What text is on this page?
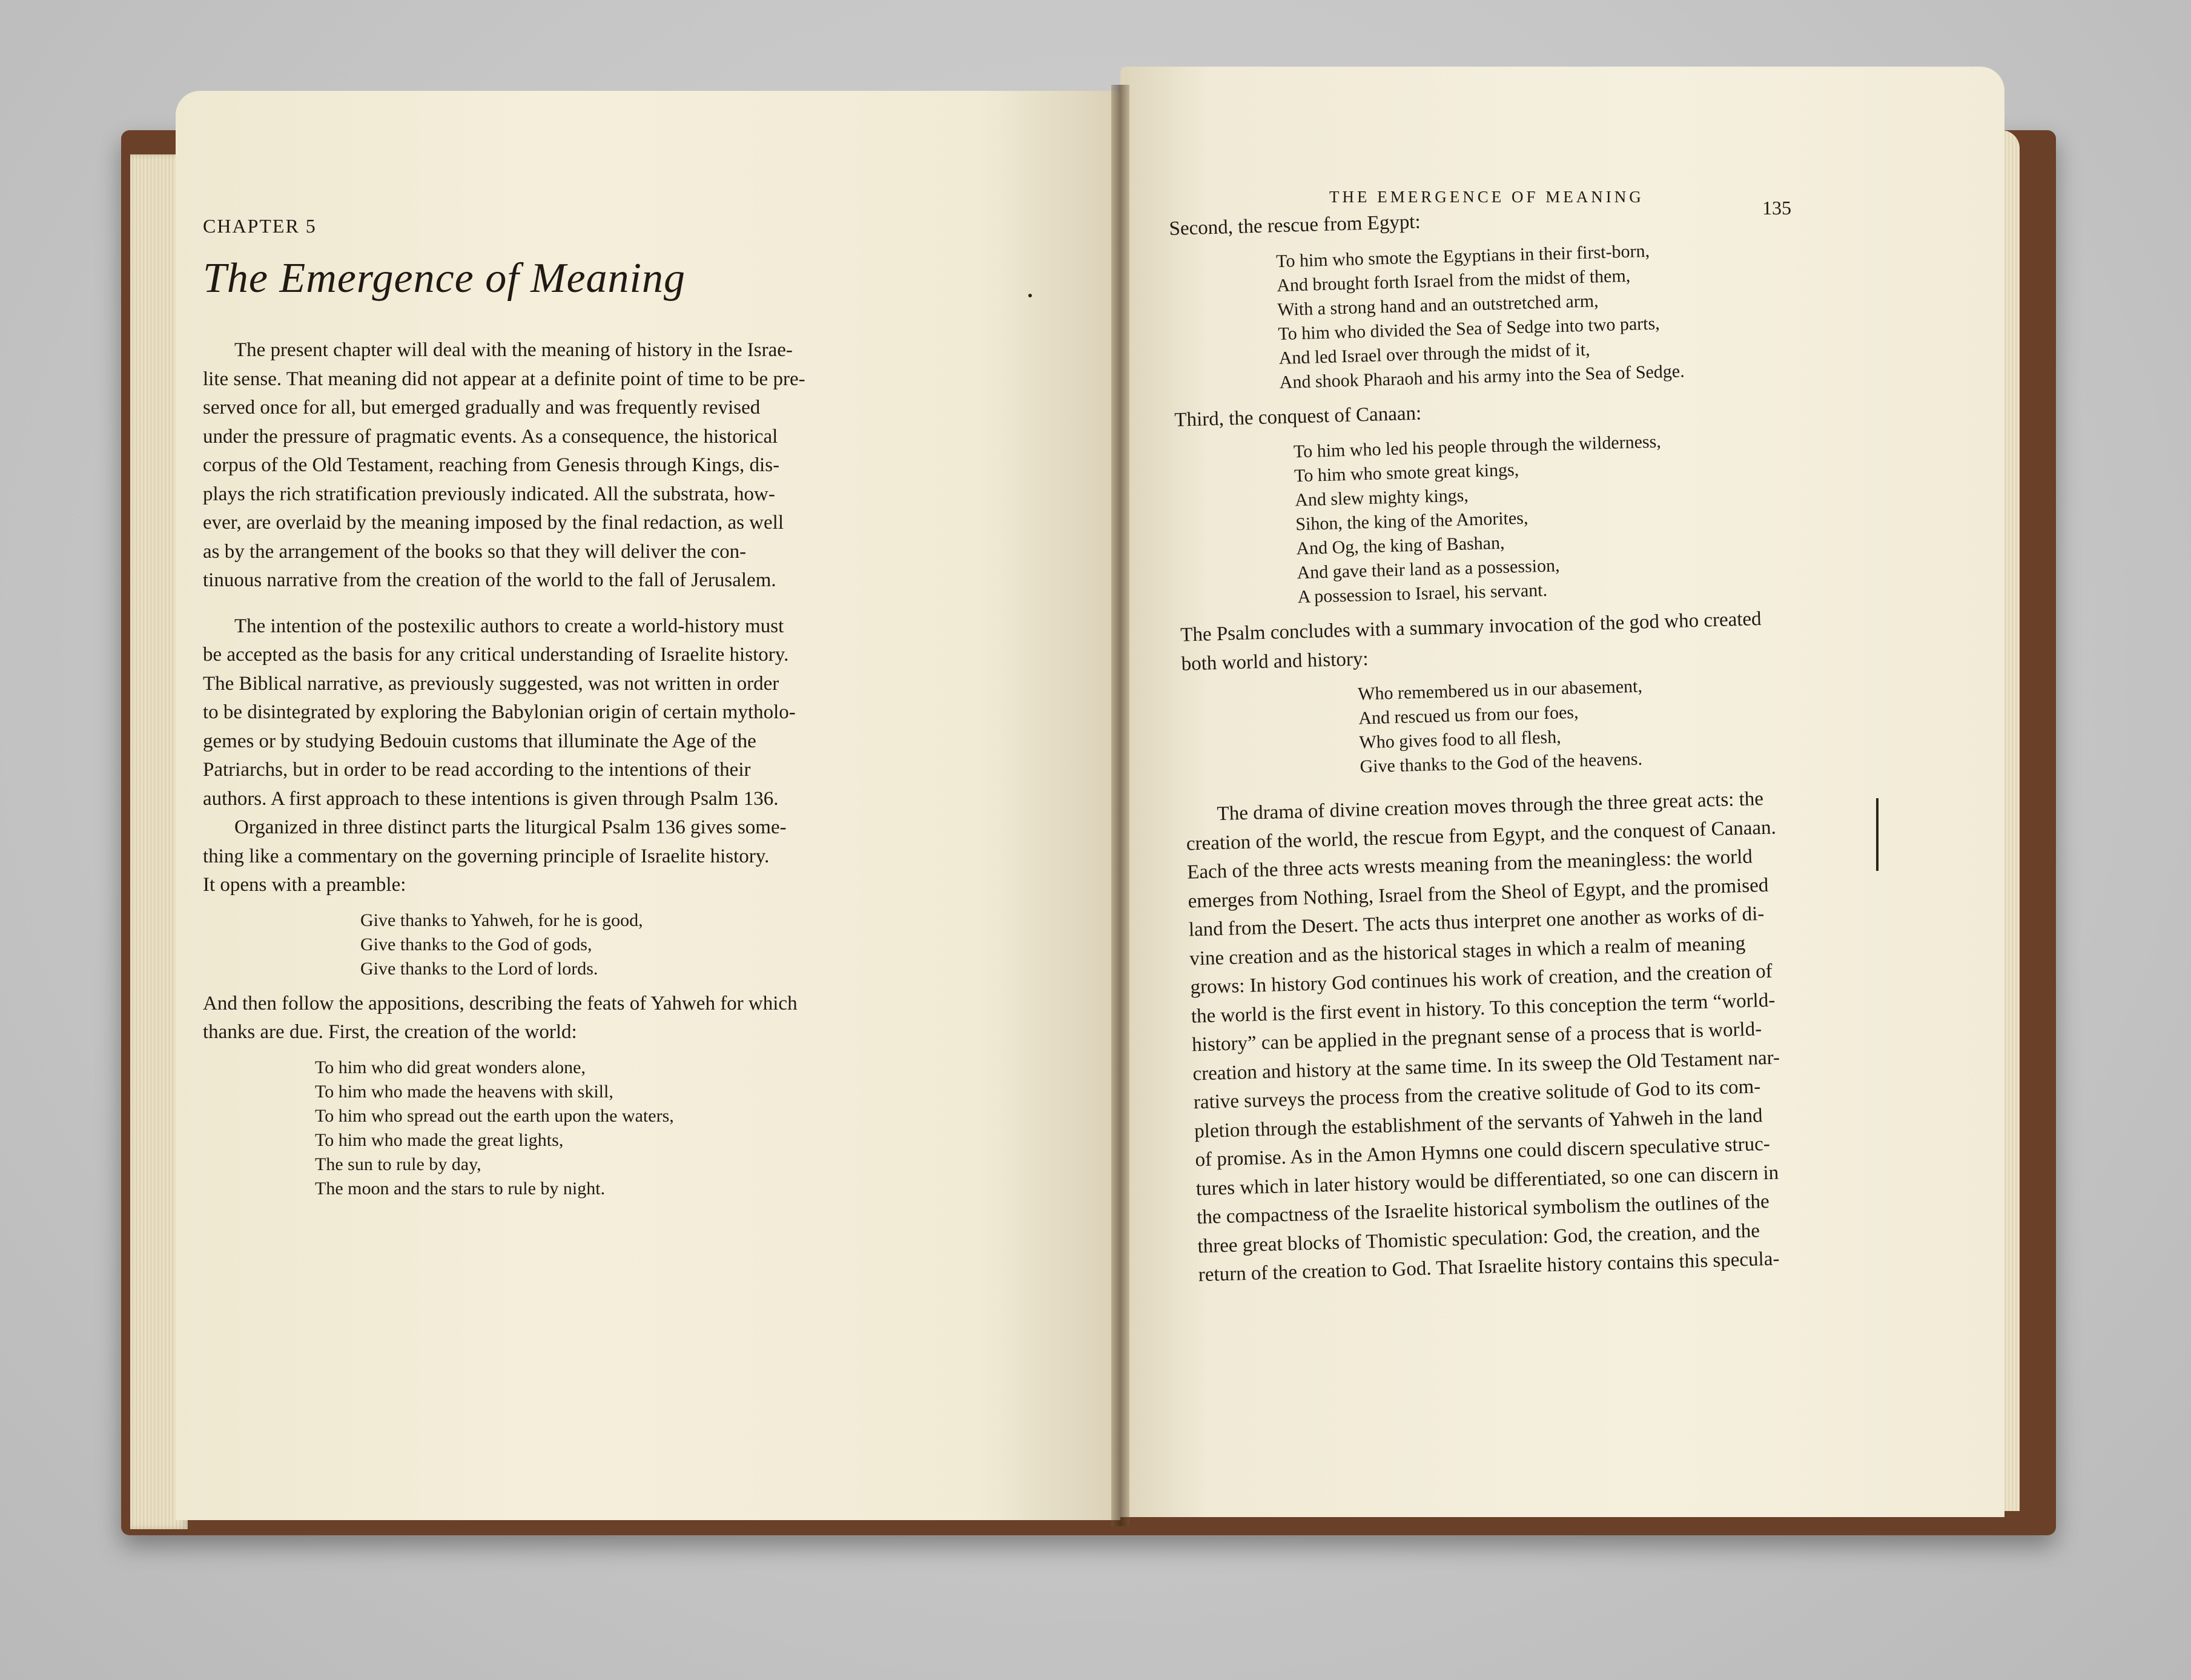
CHAPTER 5
The Emergence of Meaning
The present chapter will deal with the meaning of history in the Israe-
lite sense. That meaning did not appear at a definite point of time to be pre-
served once for all, but emerged gradually and was frequently revised
under the pressure of pragmatic events. As a consequence, the historical
corpus of the Old Testament, reaching from Genesis through Kings, dis-
plays the rich stratification previously indicated. All the substrata, how-
ever, are overlaid by the meaning imposed by the final redaction, as well
as by the arrangement of the books so that they will deliver the con-
tinuous narrative from the creation of the world to the fall of Jerusalem.
The intention of the postexilic authors to create a world-history must
be accepted as the basis for any critical understanding of Israelite history.
The Biblical narrative, as previously suggested, was not written in order
to be disintegrated by exploring the Babylonian origin of certain mytholo-
gemes or by studying Bedouin customs that illuminate the Age of the
Patriarchs, but in order to be read according to the intentions of their
authors. A first approach to these intentions is given through Psalm 136.
Organized in three distinct parts the liturgical Psalm 136 gives some-
thing like a commentary on the governing principle of Israelite history.
It opens with a preamble:
Give thanks to Yahweh, for he is good,
Give thanks to the God of gods,
Give thanks to the Lord of lords.
And then follow the appositions, describing the feats of Yahweh for which
thanks are due. First, the creation of the world:
To him who did great wonders alone,
To him who made the heavens with skill,
To him who spread out the earth upon the waters,
To him who made the great lights,
The sun to rule by day,
The moon and the stars to rule by night.
THE EMERGENCE OF MEANING	135
Second, the rescue from Egypt:
To him who smote the Egyptians in their first-born,
And brought forth Israel from the midst of them,
With a strong hand and an outstretched arm,
To him who divided the Sea of Sedge into two parts,
And led Israel over through the midst of it,
And shook Pharaoh and his army into the Sea of Sedge.
Third, the conquest of Canaan:
To him who led his people through the wilderness,
To him who smote great kings,
And slew mighty kings,
Sihon, the king of the Amorites,
And Og, the king of Bashan,
And gave their land as a possession,
A possession to Israel, his servant.
The Psalm concludes with a summary invocation of the god who created
both world and history:
Who remembered us in our abasement,
And rescued us from our foes,
Who gives food to all flesh,
Give thanks to the God of the heavens.
The drama of divine creation moves through the three great acts: the
creation of the world, the rescue from Egypt, and the conquest of Canaan.
Each of the three acts wrests meaning from the meaningless: the world
emerges from Nothing, Israel from the Sheol of Egypt, and the promised
land from the Desert. The acts thus interpret one another as works of di-
vine creation and as the historical stages in which a realm of meaning
grows: In history God continues his work of creation, and the creation of
the world is the first event in history. To this conception the term “world-
history” can be applied in the pregnant sense of a process that is world-
creation and history at the same time. In its sweep the Old Testament nar-
rative surveys the process from the creative solitude of God to its com-
pletion through the establishment of the servants of Yahweh in the land
of promise. As in the Amon Hymns one could discern speculative struc-
tures which in later history would be differentiated, so one can discern in
the compactness of the Israelite historical symbolism the outlines of the
three great blocks of Thomistic speculation: God, the creation, and the
return of the creation to God. That Israelite history contains this specula-
